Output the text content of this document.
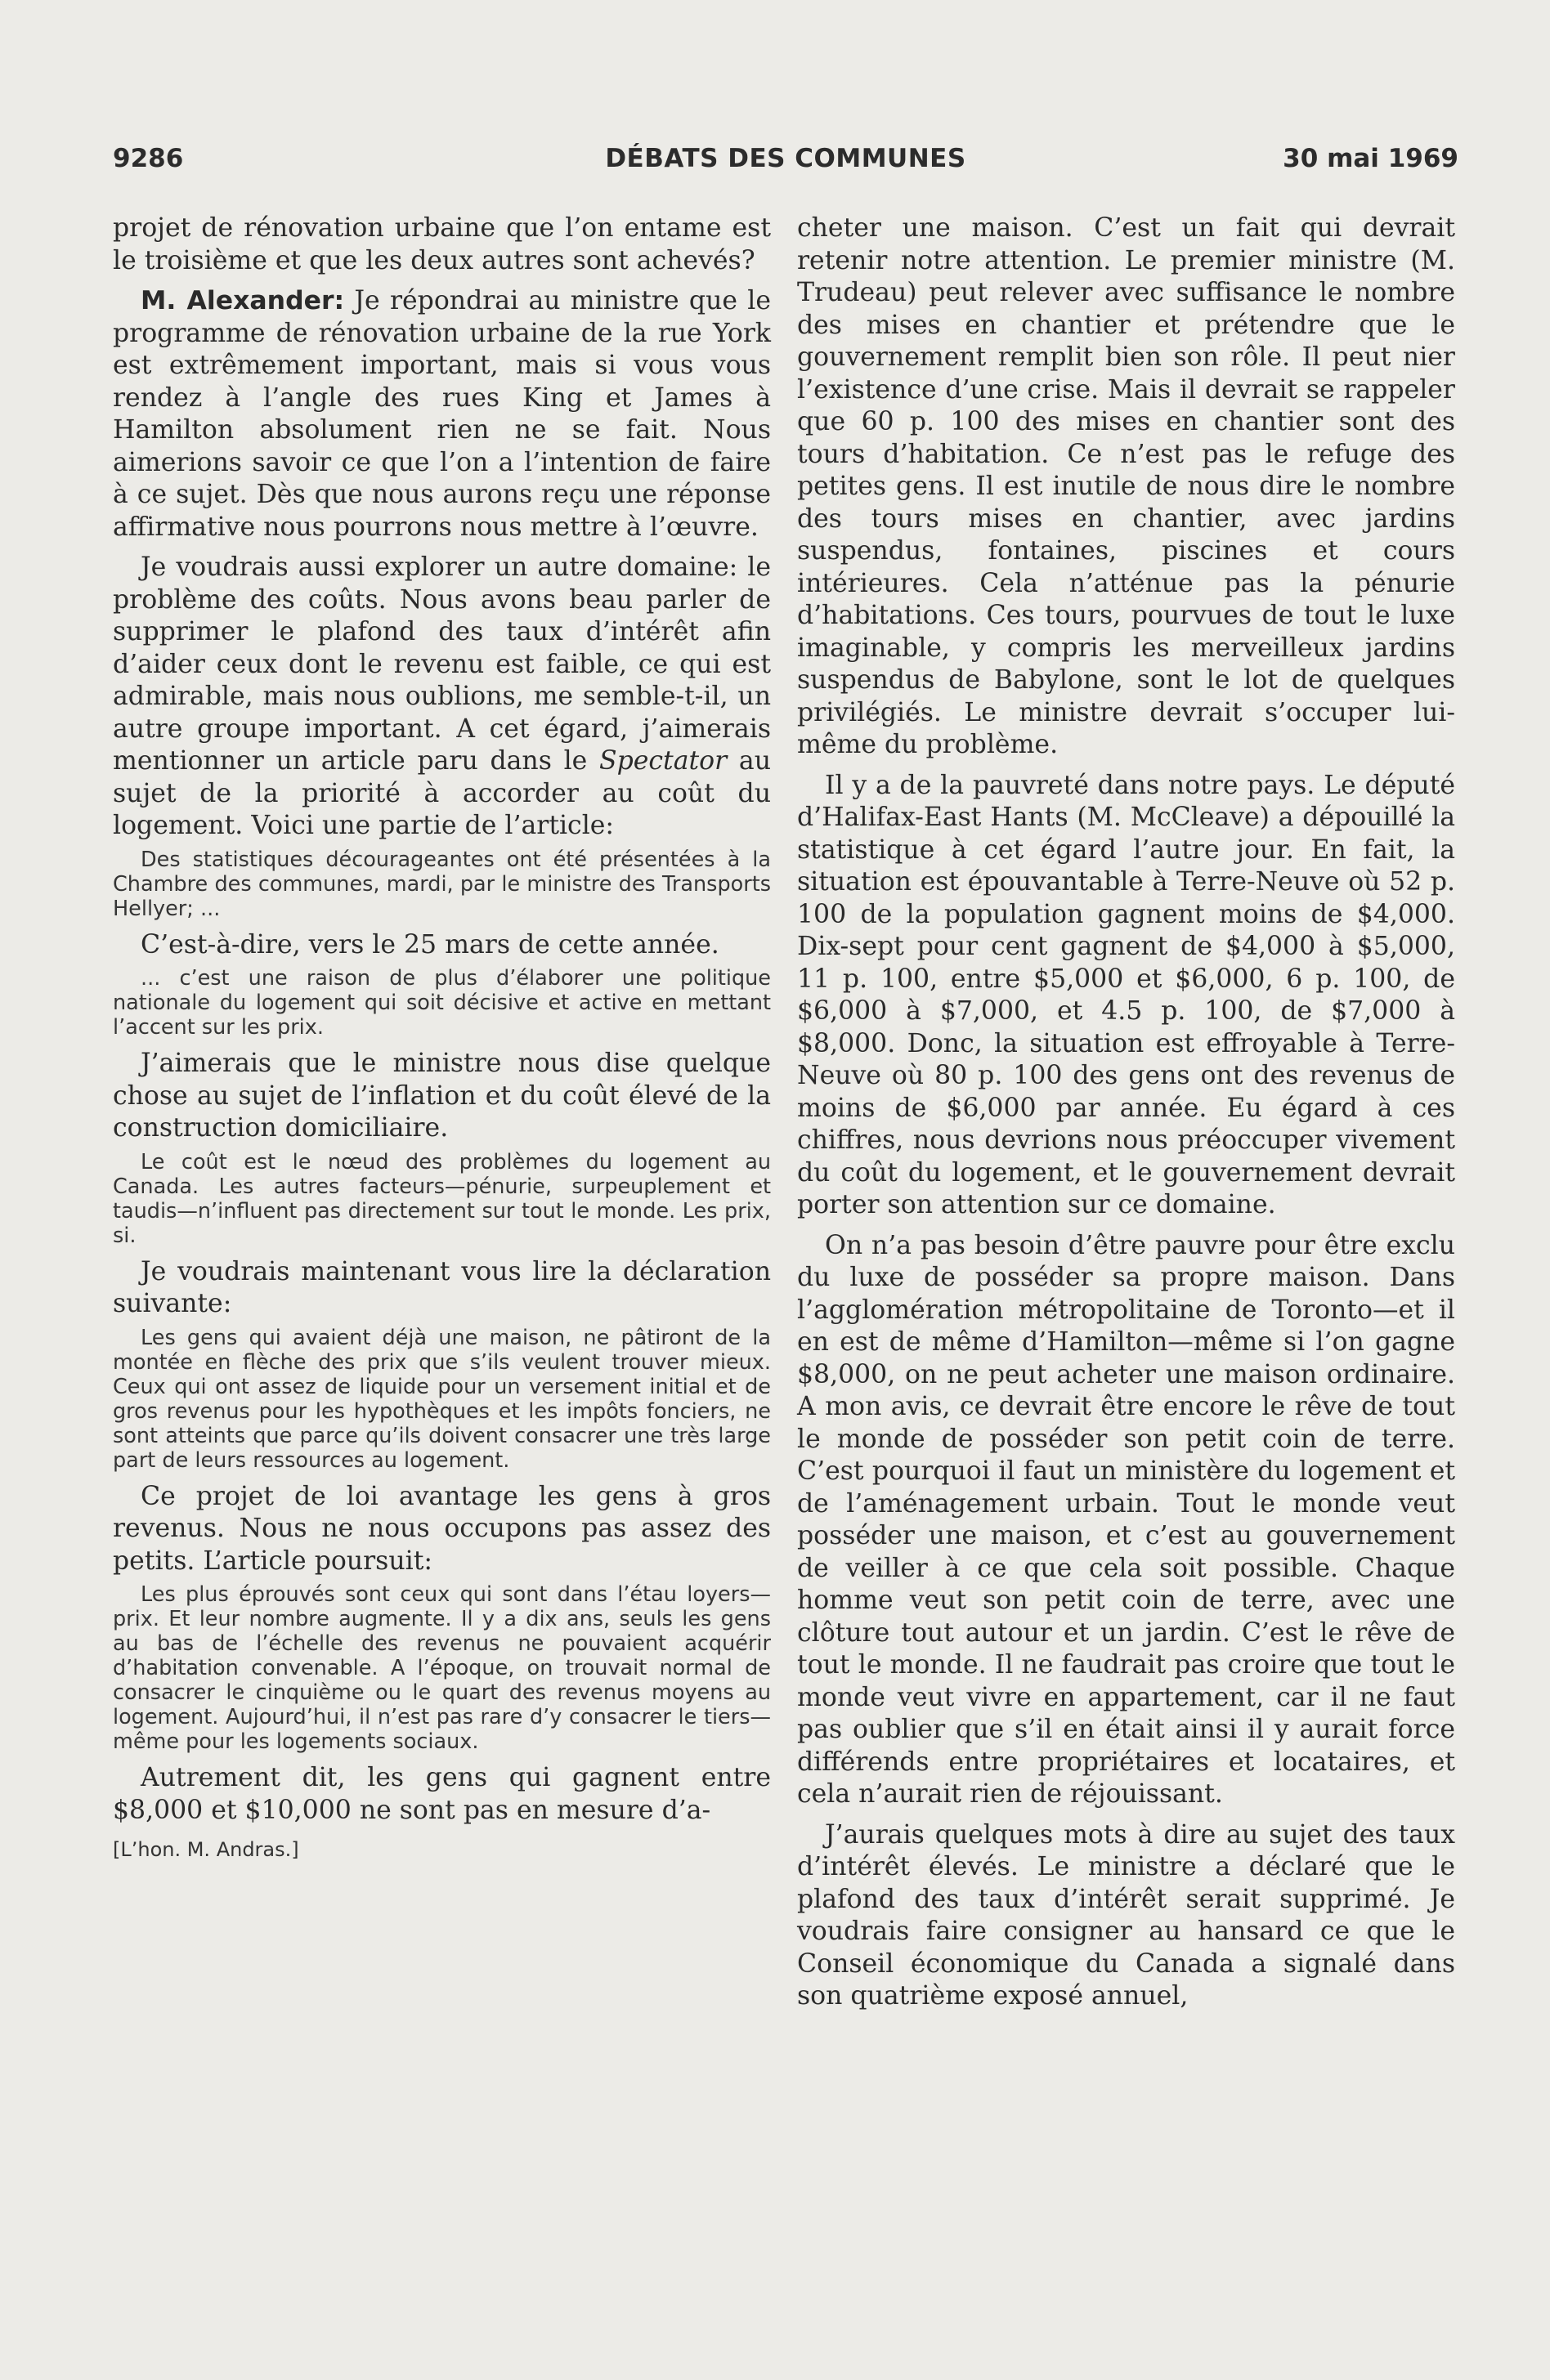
9286	DÉBATS DES COMMUNES	30 mai 1969

projet de rénovation urbaine que l’on entame est le troisième et que les deux autres sont achevés?

M. Alexander: Je répondrai au ministre que le programme de rénovation urbaine de la rue York est extrêmement important, mais si vous vous rendez à l’angle des rues King et James à Hamilton absolument rien ne se fait. Nous aimerions savoir ce que l’on a l’intention de faire à ce sujet. Dès que nous aurons reçu une réponse affirmative nous pourrons nous mettre à l’œuvre.

Je voudrais aussi explorer un autre domaine: le problème des coûts. Nous avons beau parler de supprimer le plafond des taux d’intérêt afin d’aider ceux dont le revenu est faible, ce qui est admirable, mais nous oublions, me semble-t-il, un autre groupe important. A cet égard, j’aimerais mentionner un article paru dans le Spectator au sujet de la priorité à accorder au coût du logement. Voici une partie de l’article:

Des statistiques décourageantes ont été présentées à la Chambre des communes, mardi, par le ministre des Transports Hellyer; ...

C’est-à-dire, vers le 25 mars de cette année.

... c’est une raison de plus d’élaborer une politique nationale du logement qui soit décisive et active en mettant l’accent sur les prix.

J’aimerais que le ministre nous dise quelque chose au sujet de l’inflation et du coût élevé de la construction domiciliaire.

Le coût est le nœud des problèmes du logement au Canada. Les autres facteurs—pénurie, surpeuplement et taudis—n’influent pas directement sur tout le monde. Les prix, si.

Je voudrais maintenant vous lire la déclaration suivante:

Les gens qui avaient déjà une maison, ne pâtiront de la montée en flèche des prix que s’ils veulent trouver mieux. Ceux qui ont assez de liquide pour un versement initial et de gros revenus pour les hypothèques et les impôts fonciers, ne sont atteints que parce qu’ils doivent consacrer une très large part de leurs ressources au logement.

Ce projet de loi avantage les gens à gros revenus. Nous ne nous occupons pas assez des petits. L’article poursuit:

Les plus éprouvés sont ceux qui sont dans l’étau loyers—prix. Et leur nombre augmente. Il y a dix ans, seuls les gens au bas de l’échelle des revenus ne pouvaient acquérir d’habitation convenable. A l’époque, on trouvait normal de consacrer le cinquième ou le quart des revenus moyens au logement. Aujourd’hui, il n’est pas rare d’y consacrer le tiers—même pour les logements sociaux.

Autrement dit, les gens qui gagnent entre $8,000 et $10,000 ne sont pas en mesure d’a-

[L’hon. M. Andras.]

cheter une maison. C’est un fait qui devrait retenir notre attention. Le premier ministre (M. Trudeau) peut relever avec suffisance le nombre des mises en chantier et prétendre que le gouvernement remplit bien son rôle. Il peut nier l’existence d’une crise. Mais il devrait se rappeler que 60 p. 100 des mises en chantier sont des tours d’habitation. Ce n’est pas le refuge des petites gens. Il est inutile de nous dire le nombre des tours mises en chantier, avec jardins suspendus, fontaines, piscines et cours intérieures. Cela n’atténue pas la pénurie d’habitations. Ces tours, pourvues de tout le luxe imaginable, y compris les merveilleux jardins suspendus de Babylone, sont le lot de quelques privilégiés. Le ministre devrait s’occuper lui-même du problème.

Il y a de la pauvreté dans notre pays. Le député d’Halifax-East Hants (M. McCleave) a dépouillé la statistique à cet égard l’autre jour. En fait, la situation est épouvantable à Terre-Neuve où 52 p. 100 de la population gagnent moins de $4,000. Dix-sept pour cent gagnent de $4,000 à $5,000, 11 p. 100, entre $5,000 et $6,000, 6 p. 100, de $6,000 à $7,000, et 4.5 p. 100, de $7,000 à $8,000. Donc, la situation est effroyable à Terre-Neuve où 80 p. 100 des gens ont des revenus de moins de $6,000 par année. Eu égard à ces chiffres, nous devrions nous préoccuper vivement du coût du logement, et le gouvernement devrait porter son attention sur ce domaine.

On n’a pas besoin d’être pauvre pour être exclu du luxe de posséder sa propre maison. Dans l’agglomération métropolitaine de Toronto—et il en est de même d’Hamilton—même si l’on gagne $8,000, on ne peut acheter une maison ordinaire. A mon avis, ce devrait être encore le rêve de tout le monde de posséder son petit coin de terre. C’est pourquoi il faut un ministère du logement et de l’aménagement urbain. Tout le monde veut posséder une maison, et c’est au gouvernement de veiller à ce que cela soit possible. Chaque homme veut son petit coin de terre, avec une clôture tout autour et un jardin. C’est le rêve de tout le monde. Il ne faudrait pas croire que tout le monde veut vivre en appartement, car il ne faut pas oublier que s’il en était ainsi il y aurait force différends entre propriétaires et locataires, et cela n’aurait rien de réjouissant.

J’aurais quelques mots à dire au sujet des taux d’intérêt élevés. Le ministre a déclaré que le plafond des taux d’intérêt serait supprimé. Je voudrais faire consigner au hansard ce que le Conseil économique du Canada a signalé dans son quatrième exposé annuel,
